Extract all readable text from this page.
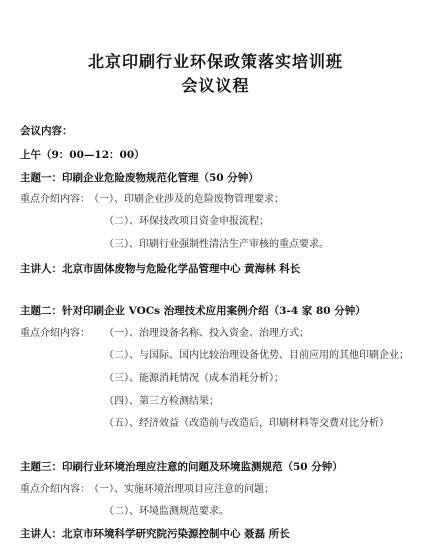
北京印刷行业环保政策落实培训班
会议议程
会议内容：
上午（9：00—12：00）
主题一：印刷企业危险废物规范化管理（50 分钟）
重点介绍内容： （一）、印刷企业涉及的危险废物管理要求；
（二）、环保技改项目资金申报流程；
（三）、印刷行业强制性清洁生产审核的重点要求。
主讲人：北京市固体废物与危险化学品管理中心 黄海林 科长
主题二：针对印刷企业 VOCs 治理技术应用案例介绍（3-4 家 80 分钟）
重点介绍内容： （一）、治理设备名称、投入资金、治理方式；
（二）、与国际、国内比较治理设备优势、目前应用的其他印刷企业；
（三）、能源消耗情况（成本消耗分析）；
（四）、第三方检测结果；
（五）、经济效益（改造前与改造后，印刷材料等交费对比分析）
主题三：印刷行业环境治理应注意的问题及环境监测规范（50 分钟）
重点介绍内容： （一）、实施环境治理项目应注意的问题；
（二）、环境监测规范要求。
主讲人：北京市环境科学研究院污染源控制中心 聂磊 所长
